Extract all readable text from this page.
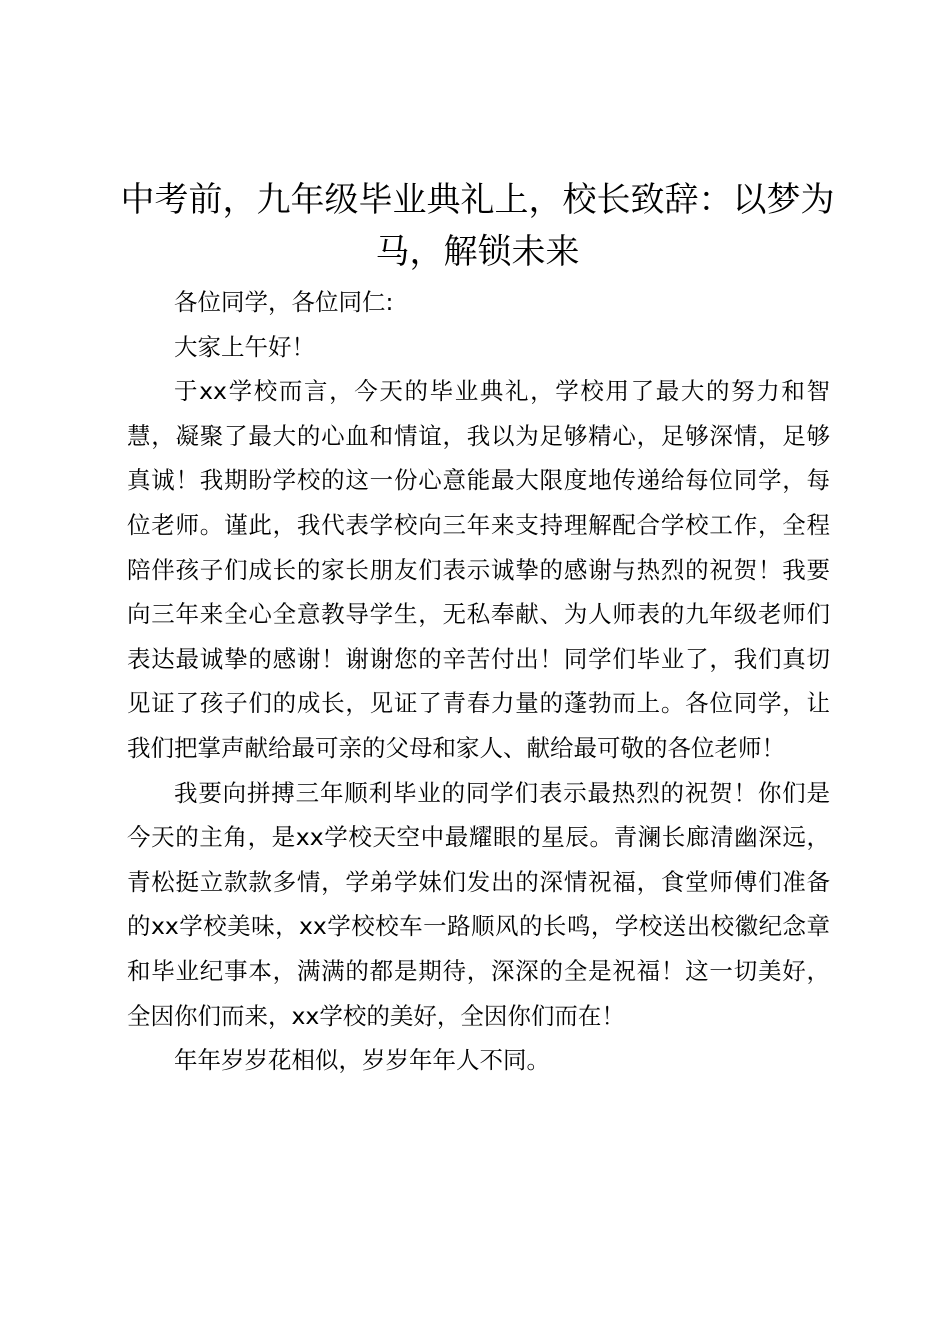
中考前，九年级毕业典礼上，校长致辞：以梦为马，解锁未来

各位同学，各位同仁:

大家上午好！

于xx学校而言，今天的毕业典礼，学校用了最大的努力和智慧，凝聚了最大的心血和情谊，我以为足够精心，足够深情，足够真诚！我期盼学校的这一份心意能最大限度地传递给每位同学，每位老师。谨此，我代表学校向三年来支持理解配合学校工作，全程陪伴孩子们成长的家长朋友们表示诚挚的感谢与热烈的祝贺！我要向三年来全心全意教导学生，无私奉献、为人师表的九年级老师们表达最诚挚的感谢！谢谢您的辛苦付出！同学们毕业了，我们真切见证了孩子们的成长，见证了青春力量的蓬勃而上。各位同学，让我们把掌声献给最可亲的父母和家人、献给最可敬的各位老师！

我要向拼搏三年顺利毕业的同学们表示最热烈的祝贺！你们是今天的主角，是xx学校天空中最耀眼的星辰。青澜长廊清幽深远，青松挺立款款多情，学弟学妹们发出的深情祝福，食堂师傅们准备的xx学校美味，xx学校校车一路顺风的长鸣，学校送出校徽纪念章和毕业纪事本，满满的都是期待，深深的全是祝福！这一切美好，全因你们而来，xx学校的美好，全因你们而在！

年年岁岁花相似，岁岁年年人不同。
